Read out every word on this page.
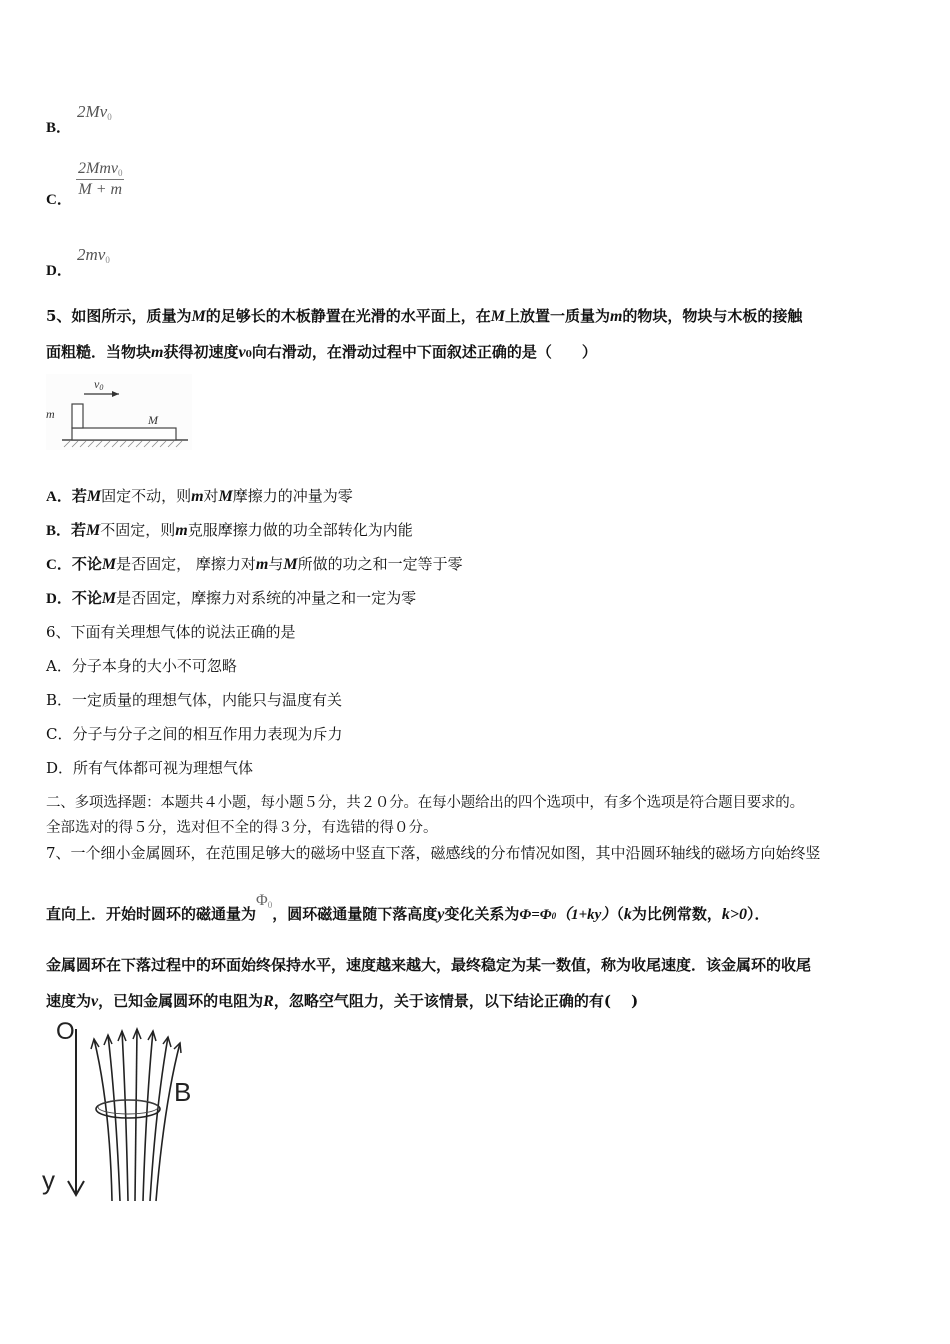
B．
$2Mv_0$
C．
2Mmv$_0$
M + m
D．
$2mv_0$
5、如图所示，质量为M的足够长的木板静置在光滑的水平面上，在M上放置一质量为m的物块，物块与木板的接触
面粗糙．当物块m获得初速度v0向右滑动，在滑动过程中下面叙述正确的是（　　）
v0
m	M
A．若M固定不动，则m对M摩擦力的冲量为零
B．若M不固定，则m克服摩擦力做的功全部转化为内能
C．不论M是否固定， 摩擦力对m与M所做的功之和一定等于零
D．不论M是否固定，摩擦力对系统的冲量之和一定为零
6、下面有关理想气体的说法正确的是
A．分子本身的大小不可忽略
B．一定质量的理想气体，内能只与温度有关
C．分子与分子之间的相互作用力表现为斥力
D．所有气体都可视为理想气体
二、多项选择题：本题共４小题，每小题５分，共２０分。在每小题给出的四个选项中，有多个选项是符合题目要求的。
全部选对的得５分，选对但不全的得３分，有选错的得０分。
7、一个细小金属圆环，在范围足够大的磁场中竖直下落，磁感线的分布情况如图，其中沿圆环轴线的磁场方向始终竖
直向上．开始时圆环的磁通量为$\Phi_0$，圆环磁通量随下落高度y变化关系为Φ=Φ0（1+ky）（k为比例常数，k>0）．
金属圆环在下落过程中的环面始终保持水平，速度越来越大，最终稳定为某一数值，称为收尾速度．该金属环的收尾
速度为v，已知金属圆环的电阻为R，忽略空气阻力，关于该情景，以下结论正确的有(　 )
O
y
B
